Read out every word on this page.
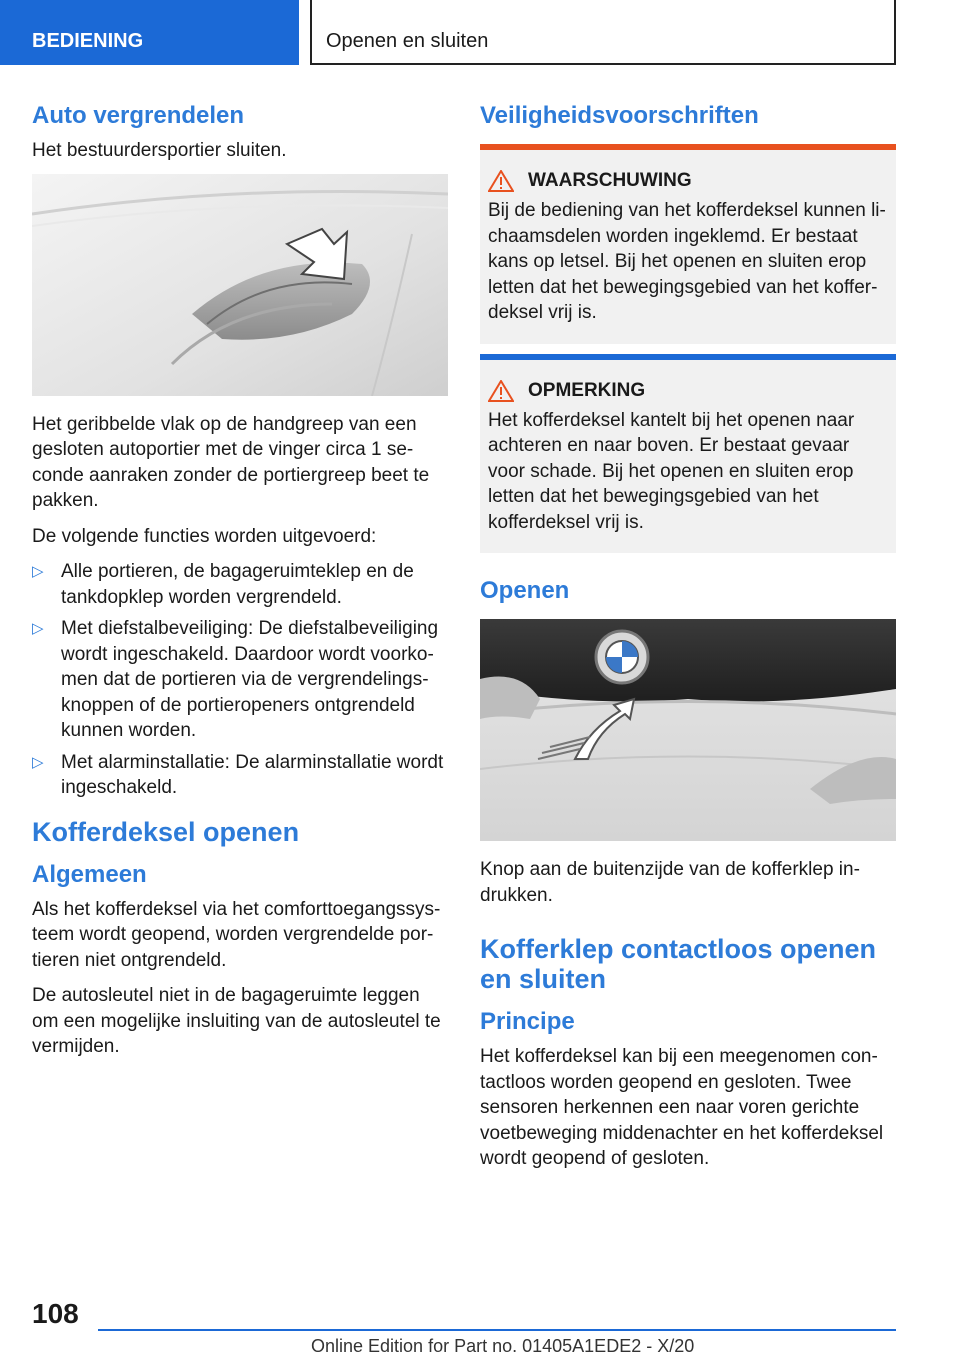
BEDIENING	Openen en sluiten
Auto vergrendelen

Het bestuurdersportier sluiten.

Het geribbelde vlak op de handgreep van een gesloten autoportier met de vinger circa 1 se-conde aanraken zonder de portiergreep beet te pakken.

De volgende functies worden uitgevoerd:

▷ Alle portieren, de bagageruimteklep en de tankdopklep worden vergrendeld.
▷ Met diefstalbeveiliging: De diefstalbeveiliging wordt ingeschakeld. Daardoor wordt voorko-men dat de portieren via de vergrendelings-knoppen of de portieropeners ontgrendeld kunnen worden.
▷ Met alarminstallatie: De alarminstallatie wordt ingeschakeld.
Kofferdeksel openen
Algemeen

Als het kofferdeksel via het comforttoegangssys-teem wordt geopend, worden vergrendelde por-tieren niet ontgrendeld.

De autosleutel niet in de bagageruimte leggen om een mogelijke insluiting van de autosleutel te vermijden.

Veiligheidsvoorschriften
WAARSCHUWING

Bij de bediening van het kofferdeksel kunnen li-chaamsdelen worden ingeklemd. Er bestaat kans op letsel. Bij het openen en sluiten erop letten dat het bewegingsgebied van het koffer-deksel vrij is.

OPMERKING

Het kofferdeksel kantelt bij het openen naar achteren en naar boven. Er bestaat gevaar voor schade. Bij het openen en sluiten erop letten dat het bewegingsgebied van het kofferdeksel vrij is.

Openen

Knop aan de buitenzijde van de kofferklep in-drukken.

Kofferklep contactloos openen en sluiten
Principe

Het kofferdeksel kan bij een meegenomen con-tactloos worden geopend en gesloten. Twee sensoren herkennen een naar voren gerichte voetbeweging middenachter en het kofferdeksel wordt geopend of gesloten.

108
Online Edition for Part no. 01405A1EDE2 - X/20
